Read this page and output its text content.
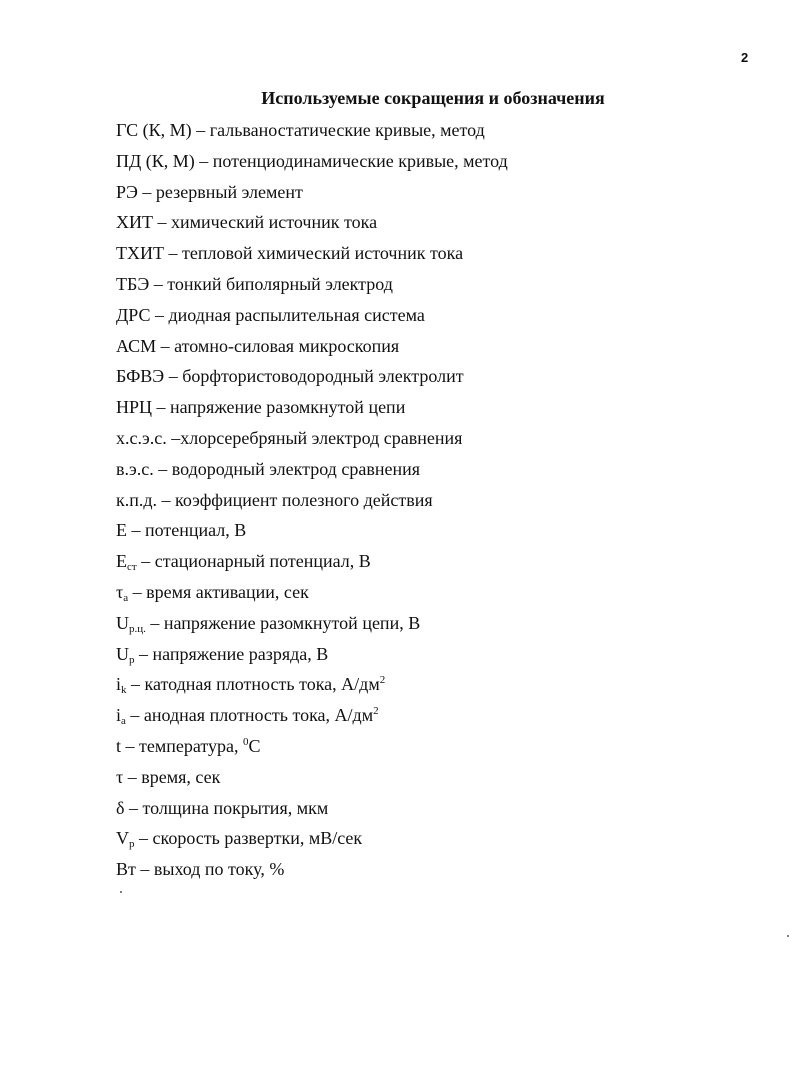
2
Используемые сокращения и обозначения
ГС (К, М) – гальваностатические кривые, метод
ПД (К, М) – потенциодинамические кривые, метод
РЭ – резервный элемент
ХИТ – химический источник тока
ТХИТ – тепловой химический источник тока
ТБЭ – тонкий биполярный электрод
ДРС – диодная распылительная система
АСМ – атомно-силовая микроскопия
БФВЭ – борфтористоводородный электролит
НРЦ – напряжение разомкнутой цепи
х.с.э.с. –хлорсеребряный электрод сравнения
в.э.с. – водородный электрод сравнения
к.п.д. – коэффициент полезного действия
E – потенциал, В
$E_{ст}$ – стационарный потенциал, В
$\tau_а$ – время активации, сек
$U_{р.ц.}$ – напряжение разомкнутой цепи, В
$U_р$ – напряжение разряда, В
$i_k$ – катодная плотность тока, $А/дм^2$
$i_a$ – анодная плотность тока, $А/дм^2$
t – температура, $^0$C
τ – время, сек
δ – толщина покрытия, мкм
$V_р$ – скорость развертки, мВ/сек
Вт – выход по току, %
